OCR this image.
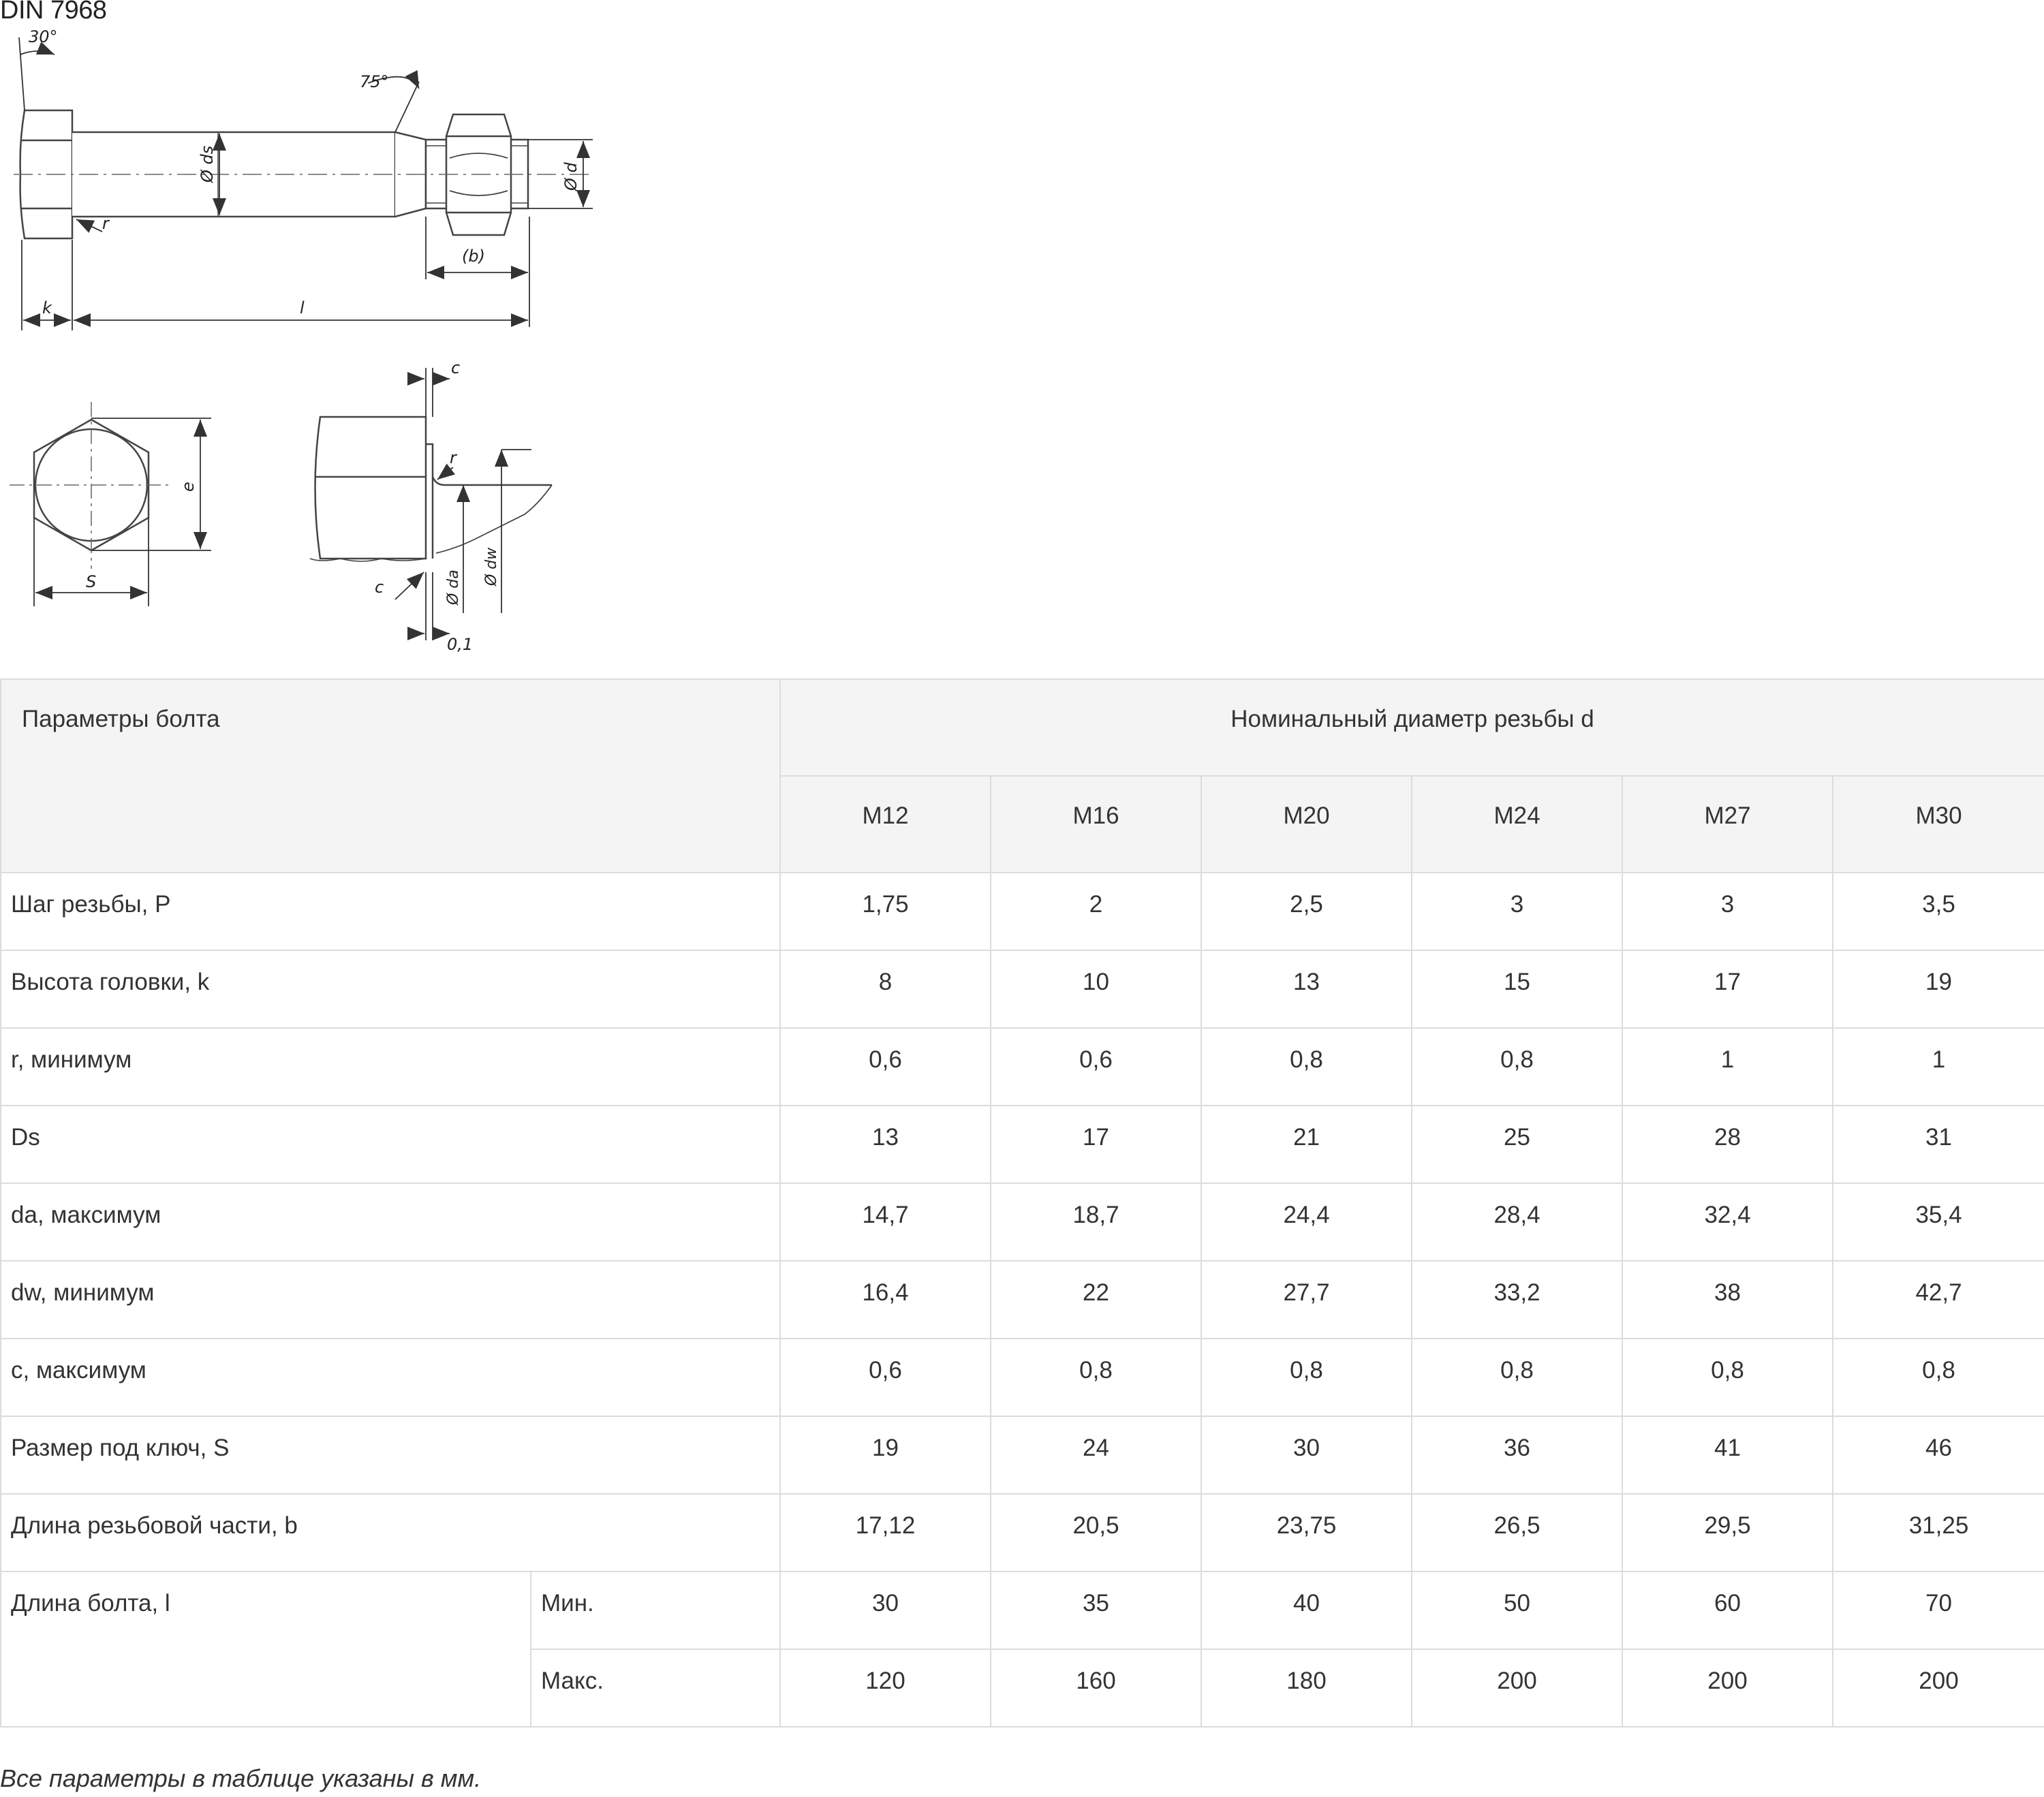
DIN 7968
30°
75°
Ø ds	Ø d
r
(b)
k	l
e
S
c
r
c	Ø da
Ø dw
0,1
Параметры болта		Номинальный диаметр резьбы d					
		M12	M16	M20	M24	M27	M30
Шаг резьбы, P		1,75	2	2,5	3	3	3,5
Высота головки, k		8	10	13	15	17	19
r, минимум		0,6	0,6	0,8	0,8	1	1
Ds		13	17	21	25	28	31
da, максимум		14,7	18,7	24,4	28,4	32,4	35,4
dw, минимум		16,4	22	27,7	33,2	38	42,7
c, максимум		0,6	0,8	0,8	0,8	0,8	0,8
Размер под ключ, S		19	24	30	36	41	46
Длина резьбовой части, b		17,12	20,5	23,75	26,5	29,5	31,25
Длина болта, l	Мин.	30	35	40	50	60	70
	Макс.	120	160	180	200	200	200
Все параметры в таблице указаны в мм.
